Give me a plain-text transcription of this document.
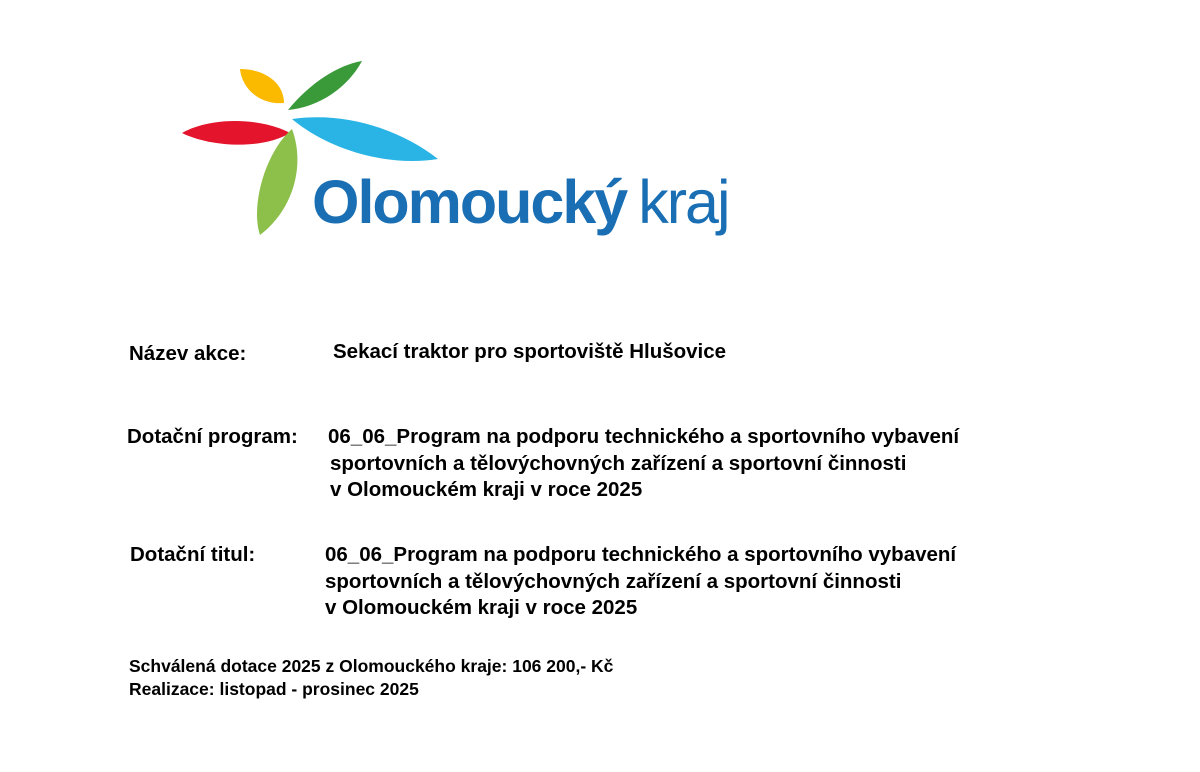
Olomoucký kraj
Název akce:	Sekací traktor pro sportoviště Hlušovice
Dotační program: 06_06_Program na podporu technického a sportovního vybavení
sportovních a tělovýchovných zařízení a sportovní činnosti
v Olomouckém kraji v roce 2025
Dotační titul:	06_06_Program na podporu technického a sportovního vybavení
sportovních a tělovýchovných zařízení a sportovní činnosti
v Olomouckém kraji v roce 2025
Schválená dotace 2025 z Olomouckého kraje: 106 200,- Kč
Realizace: listopad - prosinec 2025
